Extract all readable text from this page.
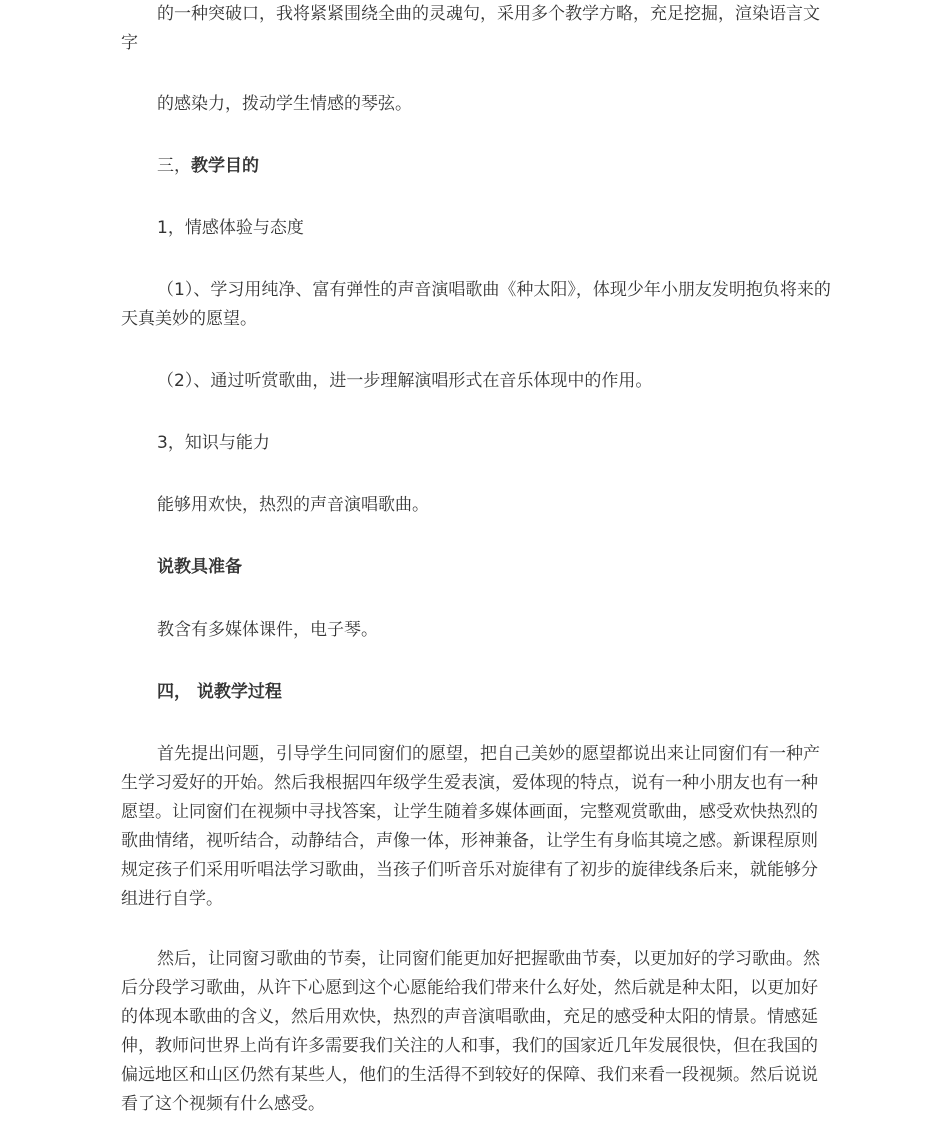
的一种突破口，我将紧紧围绕全曲的灵魂句，采用多个教学方略，充足挖掘，渲染语言文字

的感染力，拨动学生情感的琴弦。

三，教学目的

1，情感体验与态度

（1）、学习用纯净、富有弹性的声音演唱歌曲《种太阳》，体现少年小朋友发明抱负将来的天真美妙的愿望。

（2）、通过听赏歌曲，进一步理解演唱形式在音乐体现中的作用。

3，知识与能力

能够用欢快，热烈的声音演唱歌曲。

说教具准备

教含有多媒体课件，电子琴。

四， 说教学过程

首先提出问题，引导学生问同窗们的愿望，把自己美妙的愿望都说出来让同窗们有一种产生学习爱好的开始。然后我根据四年级学生爱表演，爱体现的特点，说有一种小朋友也有一种愿望。让同窗们在视频中寻找答案，让学生随着多媒体画面，完整观赏歌曲，感受欢快热烈的歌曲情绪，视听结合，动静结合，声像一体，形神兼备，让学生有身临其境之感。新课程原则规定孩子们采用听唱法学习歌曲，当孩子们听音乐对旋律有了初步的旋律线条后来，就能够分组进行自学。

然后，让同窗习歌曲的节奏，让同窗们能更加好把握歌曲节奏，以更加好的学习歌曲。然后分段学习歌曲，从许下心愿到这个心愿能给我们带来什么好处，然后就是种太阳，以更加好的体现本歌曲的含义，然后用欢快，热烈的声音演唱歌曲，充足的感受种太阳的情景。情感延伸，教师问世界上尚有许多需要我们关注的人和事，我们的国家近几年发展很快，但在我国的偏远地区和山区仍然有某些人，他们的生活得不到较好的保障、我们来看一段视频。然后说说看了这个视频有什么感受。
